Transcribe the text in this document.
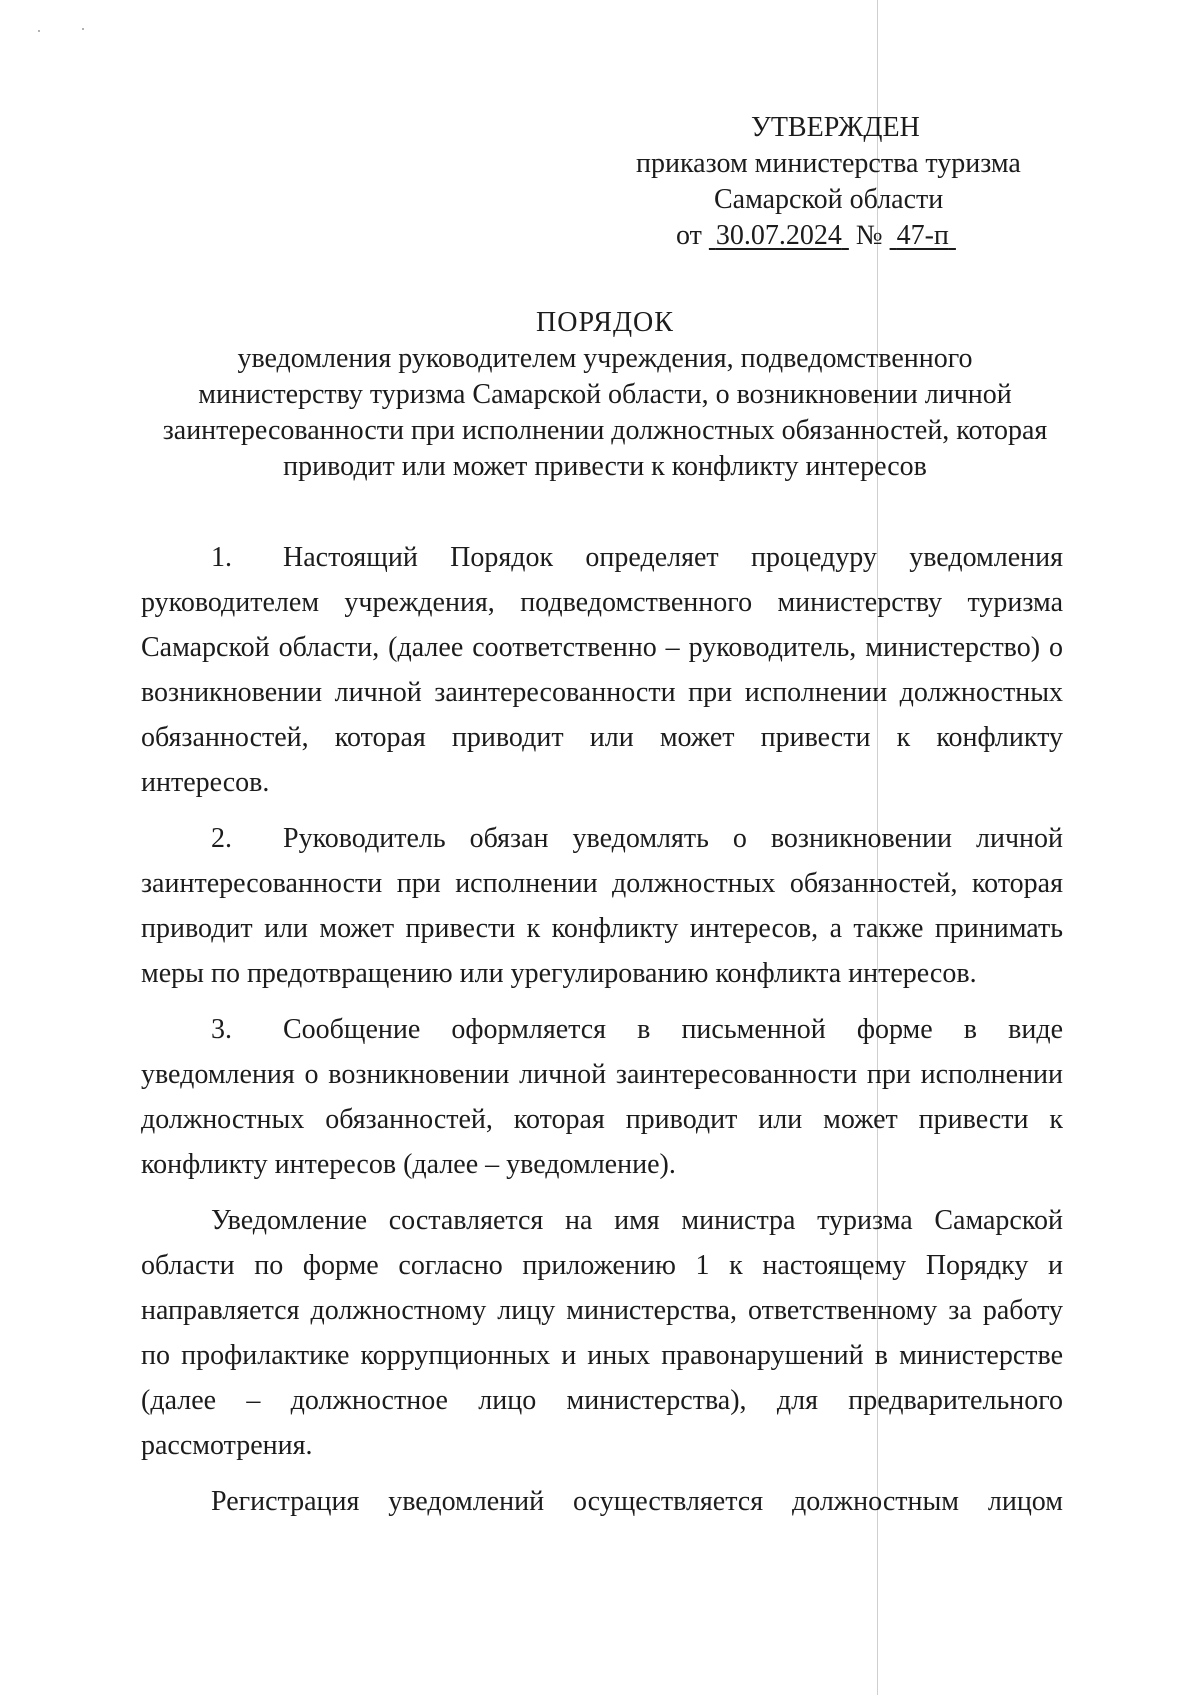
УТВЕРЖДЕН
приказом министерства туризма
Самарской области
от 30.07.2024 № 47-п
ПОРЯДОК
уведомления руководителем учреждения, подведомственного
министерству туризма Самарской области, о возникновении личной
заинтересованности при исполнении должностных обязанностей, которая
приводит или может привести к конфликту интересов

1. Настоящий Порядок определяет процедуру уведомления руководителем учреждения, подведомственного министерству туризма Самарской области, (далее соответственно – руководитель, министерство) о возникновении личной заинтересованности при исполнении должностных обязанностей, которая приводит или может привести к конфликту интересов.

2. Руководитель обязан уведомлять о возникновении личной заинтересованности при исполнении должностных обязанностей, которая приводит или может привести к конфликту интересов, а также принимать меры по предотвращению или урегулированию конфликта интересов.

3. Сообщение оформляется в письменной форме в виде уведомления о возникновении личной заинтересованности при исполнении должностных обязанностей, которая приводит или может привести к конфликту интересов (далее – уведомление).

Уведомление составляется на имя министра туризма Самарской области по форме согласно приложению 1 к настоящему Порядку и направляется должностному лицу министерства, ответственному за работу по профилактике коррупционных и иных правонарушений в министерстве (далее – должностное лицо министерства), для предварительного рассмотрения.

Регистрация уведомлений осуществляется должностным лицом
